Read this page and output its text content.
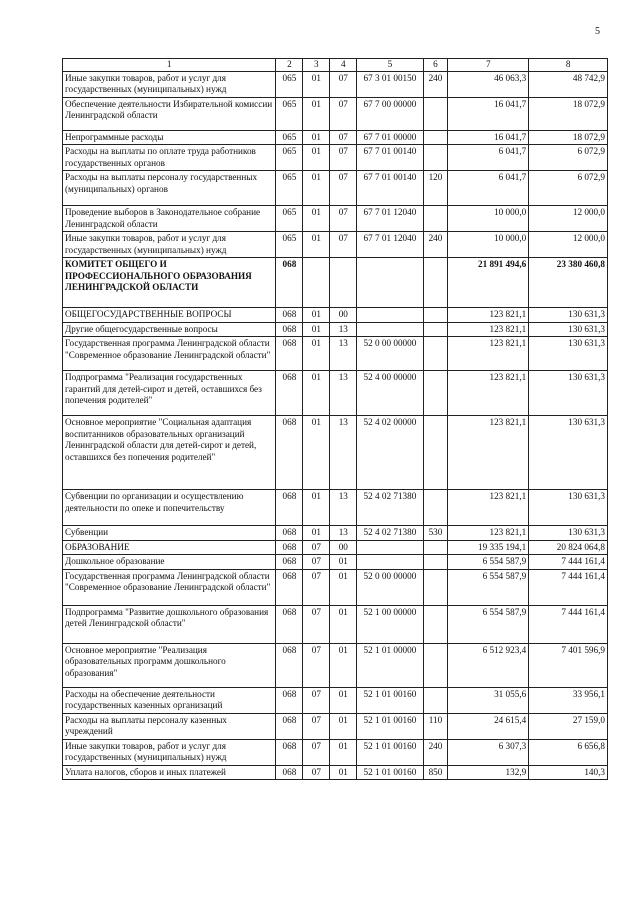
5
1	2	3	4	5	6	7	8
Иные закупки товаров, работ и услуг для государственных (муниципальных) нужд	065	01	07	67 3 01 00150	240	46 063,3	48 742,9
Обеспечение деятельности Избирательной комиссии Ленинградской области	065	01	07	67 7 00 00000		16 041,7	18 072,9
Непрограммные расходы	065	01	07	67 7 01 00000		16 041,7	18 072,9
Расходы на выплаты по оплате труда работников государственных органов	065	01	07	67 7 01 00140		6 041,7	6 072,9
Расходы на выплаты персоналу государственных (муниципальных) органов	065	01	07	67 7 01 00140	120	6 041,7	6 072,9
Проведение выборов в Законодательное собрание Ленинградской области	065	01	07	67 7 01 12040		10 000,0	12 000,0
Иные закупки товаров, работ и услуг для государственных (муниципальных) нужд	065	01	07	67 7 01 12040	240	10 000,0	12 000,0
КОМИТЕТ ОБЩЕГО И ПРОФЕССИОНАЛЬНОГО ОБРАЗОВАНИЯ ЛЕНИНГРАДСКОЙ ОБЛАСТИ	068					21 891 494,6	23 380 460,8
ОБЩЕГОСУДАРСТВЕННЫЕ ВОПРОСЫ	068	01	00			123 821,1	130 631,3
Другие общегосударственные вопросы	068	01	13			123 821,1	130 631,3
Государственная программа Ленинградской области "Современное образование Ленинградской области"	068	01	13	52 0 00 00000		123 821,1	130 631,3
Подпрограмма "Реализация государственных гарантий для детей-сирот и детей, оставшихся без попечения родителей"	068	01	13	52 4 00 00000		123 821,1	130 631,3
Основное мероприятие "Социальная адаптация воспитанников образовательных организаций Ленинградской области для детей-сирот и детей, оставшихся без попечения родителей"	068	01	13	52 4 02 00000		123 821,1	130 631,3
Субвенции по организации и осуществлению деятельности по опеке и попечительству	068	01	13	52 4 02 71380		123 821,1	130 631,3
Субвенции	068	01	13	52 4 02 71380	530	123 821,1	130 631,3
ОБРАЗОВАНИЕ	068	07	00			19 335 194,1	20 824 064,8
Дошкольное образование	068	07	01			6 554 587,9	7 444 161,4
Государственная программа Ленинградской области "Современное образование Ленинградской области"	068	07	01	52 0 00 00000		6 554 587,9	7 444 161,4
Подпрограмма "Развитие дошкольного образования детей Ленинградской области"	068	07	01	52 1 00 00000		6 554 587,9	7 444 161,4
Основное мероприятие "Реализация образовательных программ дошкольного образования"	068	07	01	52 1 01 00000		6 512 923,4	7 401 596,9
Расходы на обеспечение деятельности государственных казенных организаций	068	07	01	52 1 01 00160		31 055,6	33 956,1
Расходы на выплаты персоналу казенных учреждений	068	07	01	52 1 01 00160	110	24 615,4	27 159,0
Иные закупки товаров, работ и услуг для государственных (муниципальных) нужд	068	07	01	52 1 01 00160	240	6 307,3	6 656,8
Уплата налогов, сборов и иных платежей	068	07	01	52 1 01 00160	850	132,9	140,3
